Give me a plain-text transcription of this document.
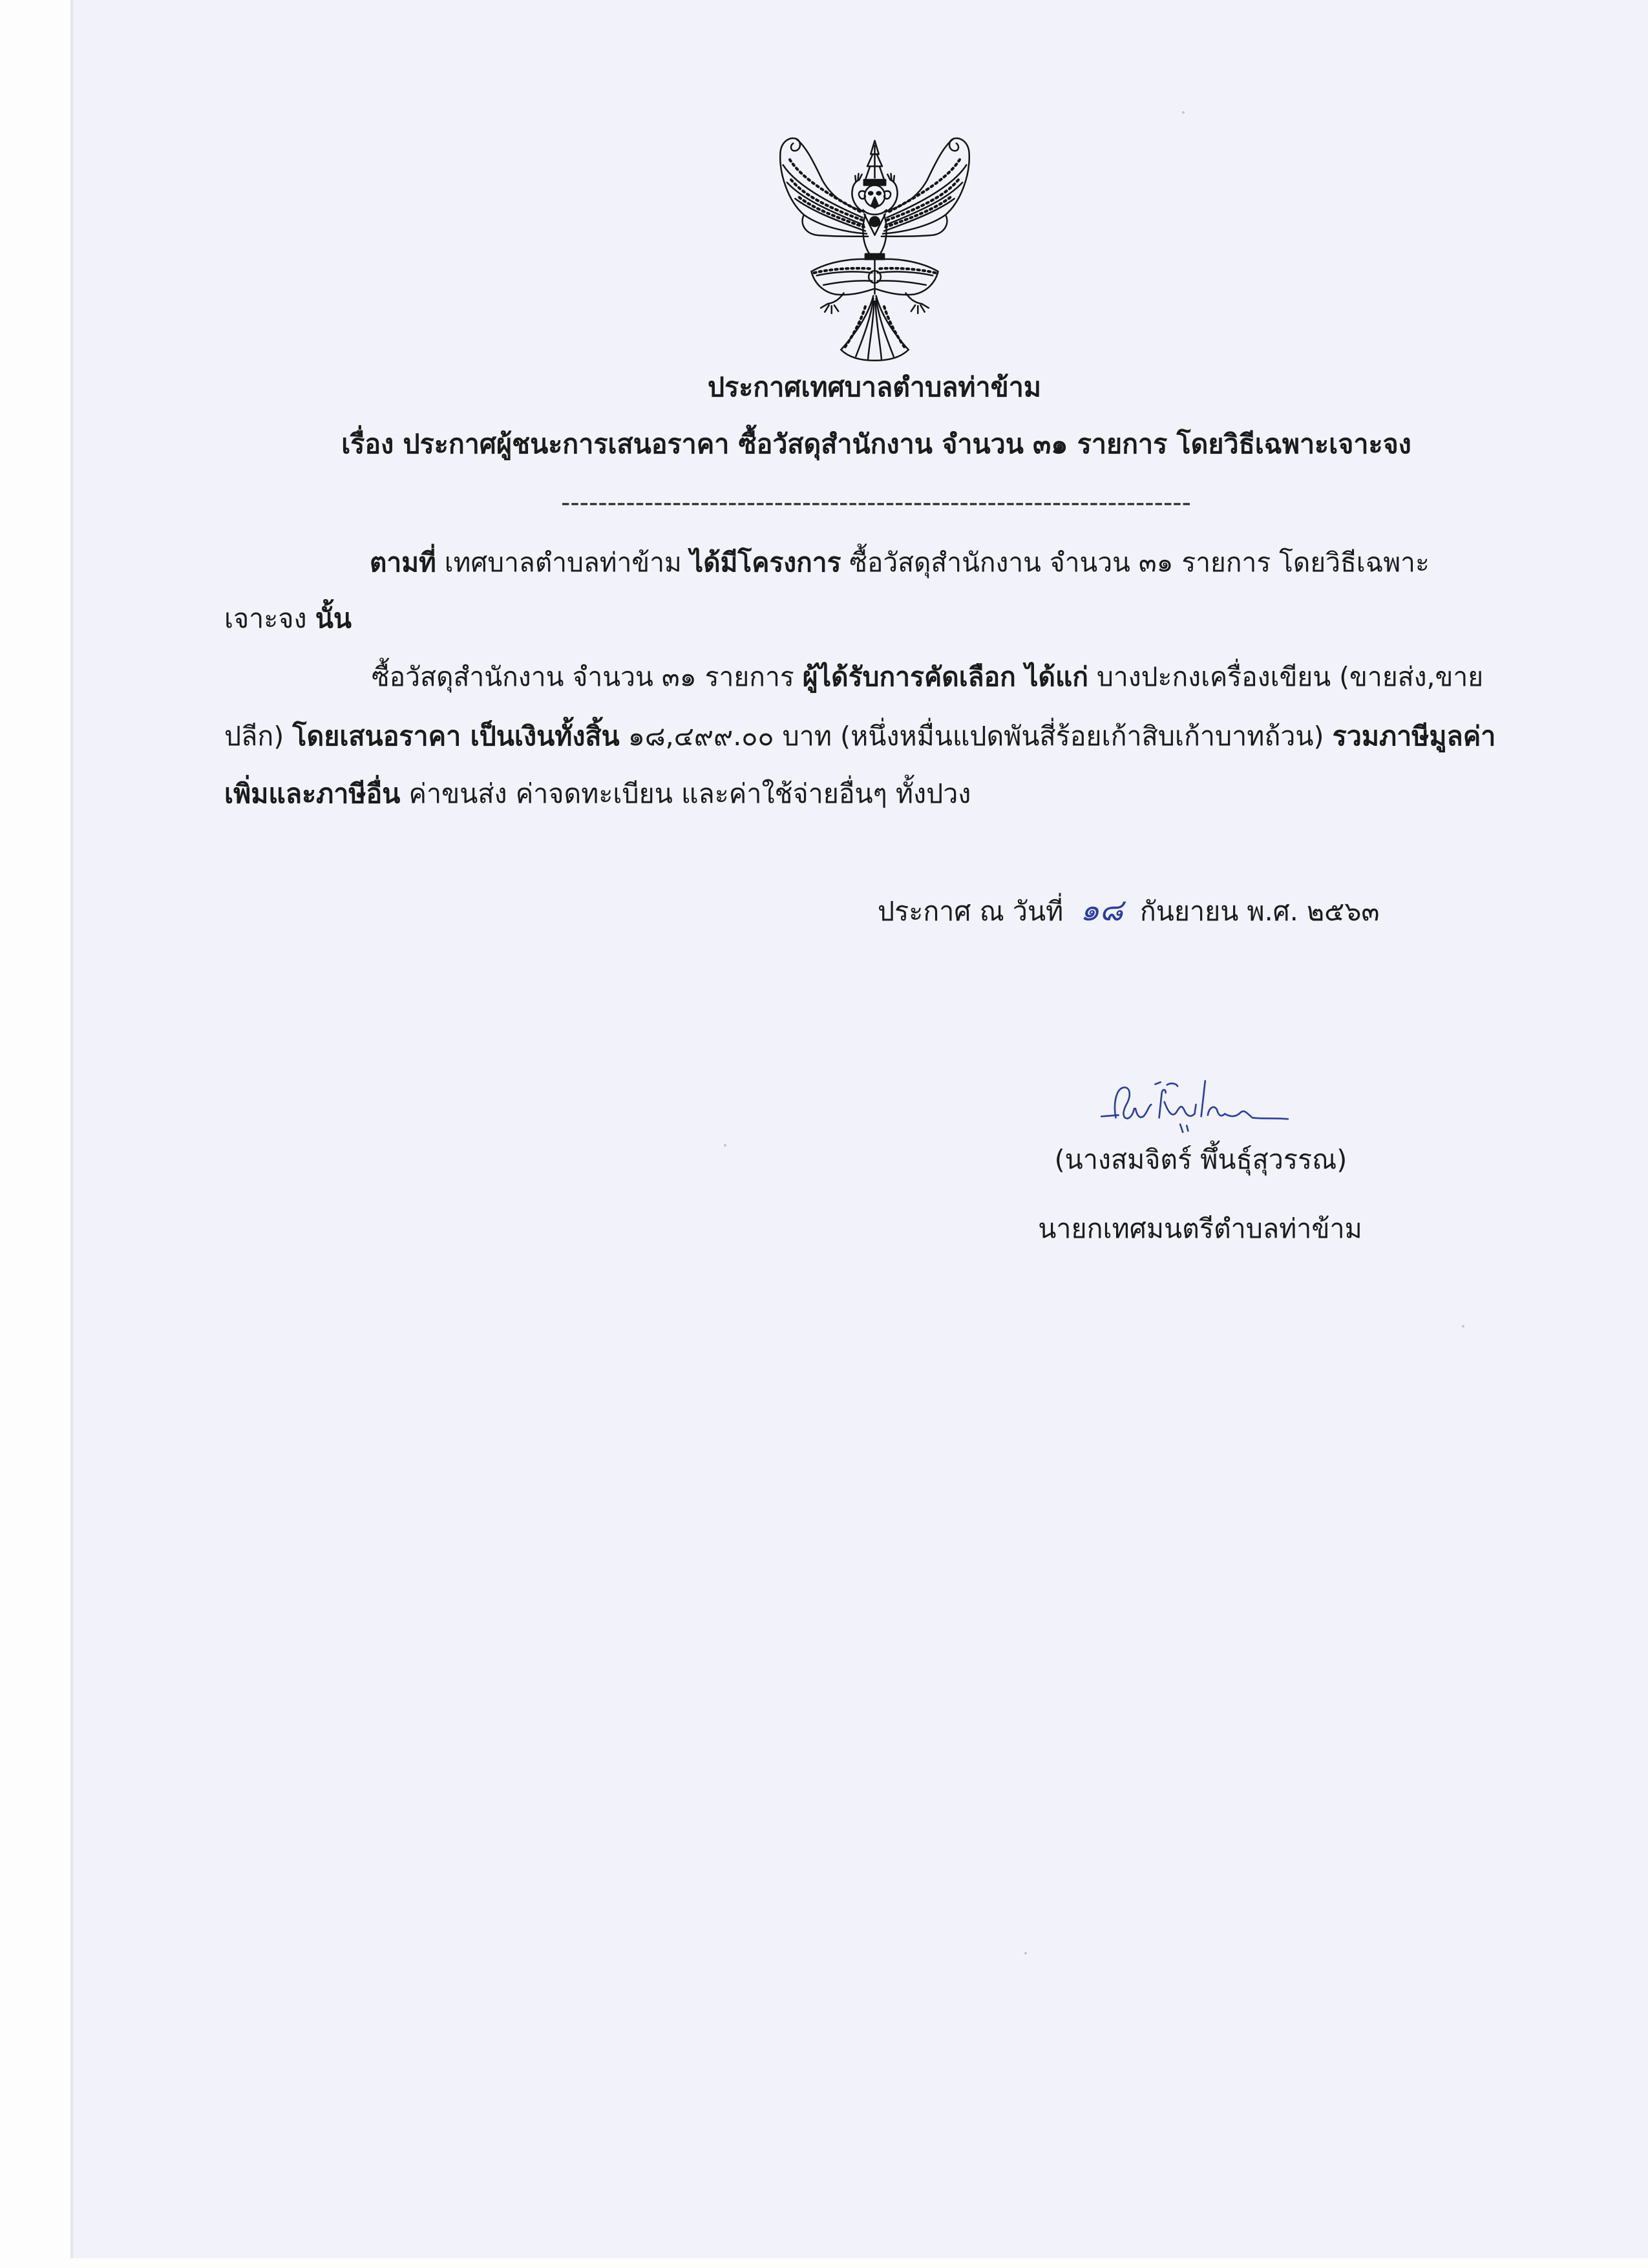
ประกาศเทศบาลตำบลท่าข้าม
เรื่อง ประกาศผู้ชนะการเสนอราคา ซื้อวัสดุสำนักงาน จำนวน ๓๑ รายการ โดยวิธีเฉพาะเจาะจง
--------------------------------------------------------------------
ตามที่ เทศบาลตำบลท่าข้าม ได้มีโครงการ ซื้อวัสดุสำนักงาน จำนวน ๓๑ รายการ โดยวิธีเฉพาะ
เจาะจง นั้น
ซื้อวัสดุสำนักงาน จำนวน ๓๑ รายการ ผู้ได้รับการคัดเลือก ได้แก่ บางปะกงเครื่องเขียน (ขายส่ง,ขาย
ปลีก) โดยเสนอราคา เป็นเงินทั้งสิ้น ๑๘,๔๙๙.๐๐ บาท (หนึ่งหมื่นแปดพันสี่ร้อยเก้าสิบเก้าบาทถ้วน) รวมภาษีมูลค่า
เพิ่มและภาษีอื่น ค่าขนส่ง ค่าจดทะเบียน และค่าใช้จ่ายอื่นๆ ทั้งปวง
ประกาศ ณ วันที่ ๑๘ กันยายน พ.ศ. ๒๕๖๓
(นางสมจิตร์ พึ้นธุ์สุวรรณ)
นายกเทศมนตรีตำบลท่าข้าม
